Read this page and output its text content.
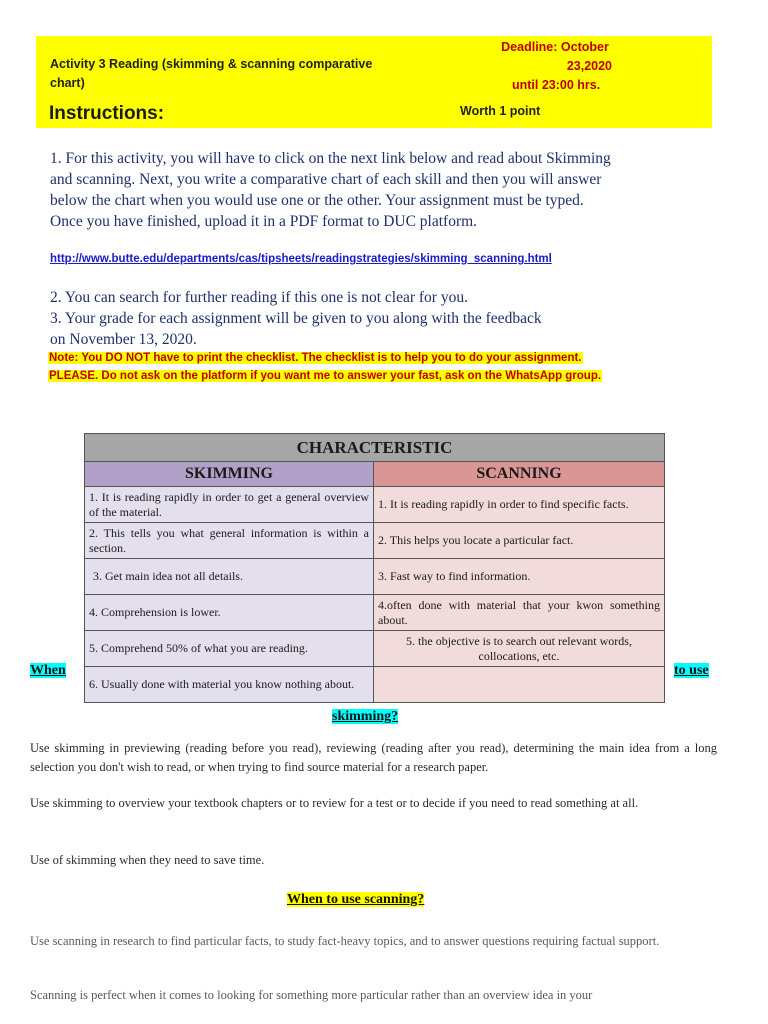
Activity 3 Reading (skimming & scanning comparative
chart)
Instructions:
Deadline: October
23,2020
until 23:00 hrs.
Worth 1 point
1. For this activity, you will have to click on the next link below and read about Skimming
and scanning. Next, you write a comparative chart of each skill and then you will answer
below the chart when you would use one or the other. Your assignment must be typed.
Once you have finished, upload it in a PDF format to DUC platform.
http://www.butte.edu/departments/cas/tipsheets/readingstrategies/skimming_scanning.html
2. You can search for further reading if this one is not clear for you.
3. Your grade for each assignment will be given to you along with the feedback
on November 13, 2020.
Note: You DO NOT have to print the checklist. The checklist is to help you to do your assignment.
PLEASE. Do not ask on the platform if you want me to answer your fast, ask on the WhatsApp group.
CHARACTERISTIC	
SKIMMING	SCANNING
1. It is reading rapidly in order to get a general overview of the material.	1. It is reading rapidly in order to find specific facts.
2. This tells you what general information is within a section.	2. This helps you locate a particular fact.
3. Get main idea not all details.	3. Fast way to find information.
4. Comprehension is lower.	4.often done with material that your kwon something about.
5. Comprehend 50% of what you are reading.	5. the objective is to search out relevant words, collocations, etc.
6. Usually done with material you know nothing about.	
When	to use
skimming?
Use skimming in previewing (reading before you read), reviewing (reading after you read), determining the main idea from a long selection you don't wish to read, or when trying to find source material for a research paper.
Use skimming to overview your textbook chapters or to review for a test or to decide if you need to read something at all.
Use of skimming when they need to save time.
When to use scanning?
Use scanning in research to find particular facts, to study fact-heavy topics, and to answer questions requiring factual support.
Scanning is perfect when it comes to looking for something more particular rather than an overview idea in your
